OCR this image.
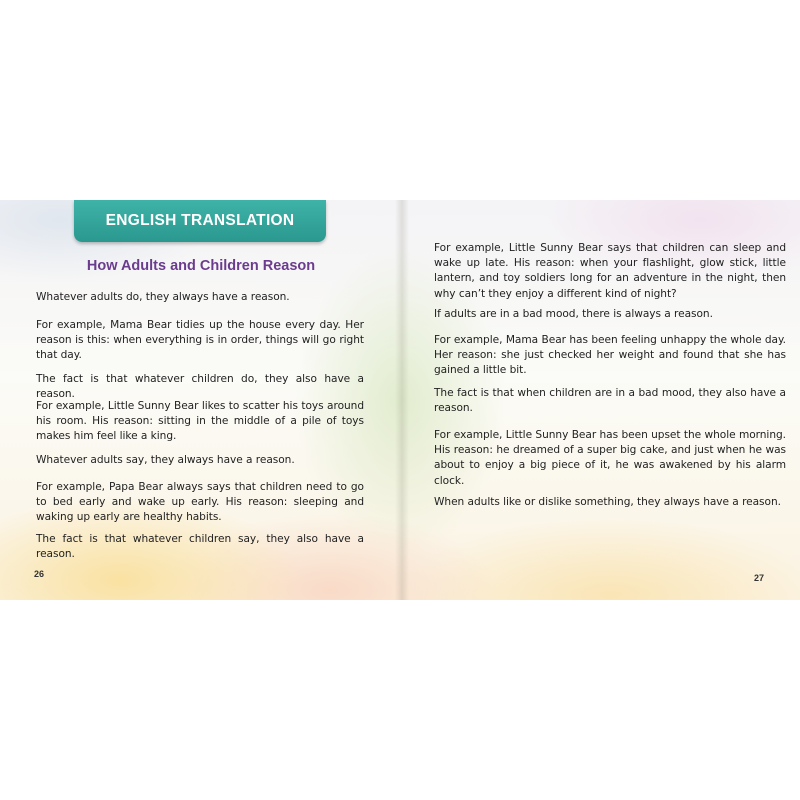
ENGLISH TRANSLATION
How Adults and Children Reason

Whatever adults do, they always have a reason.

For example, Mama Bear tidies up the house every day. Her reason is this: when everything is in order, things will go right that day.

The fact is that whatever children do, they also have a reason.

For example, Little Sunny Bear likes to scatter his toys around his room. His reason: sitting in the middle of a pile of toys makes him feel like a king.

Whatever adults say, they always have a reason.

For example, Papa Bear always says that children need to go to bed early and wake up early. His reason: sleeping and waking up early are healthy habits.

The fact is that whatever children say, they also have a reason.

26

For example, Little Sunny Bear says that children can sleep and wake up late. His reason: when your flashlight, glow stick, little lantern, and toy soldiers long for an adventure in the night, then why can’t they enjoy a different kind of night?

If adults are in a bad mood, there is always a reason.

For example, Mama Bear has been feeling unhappy the whole day. Her reason: she just checked her weight and found that she has gained a little bit.

The fact is that when children are in a bad mood, they also have a reason.

For example, Little Sunny Bear has been upset the whole morning. His reason: he dreamed of a super big cake, and just when he was about to enjoy a big piece of it, he was awakened by his alarm clock.

When adults like or dislike something, they always have a reason.

27
